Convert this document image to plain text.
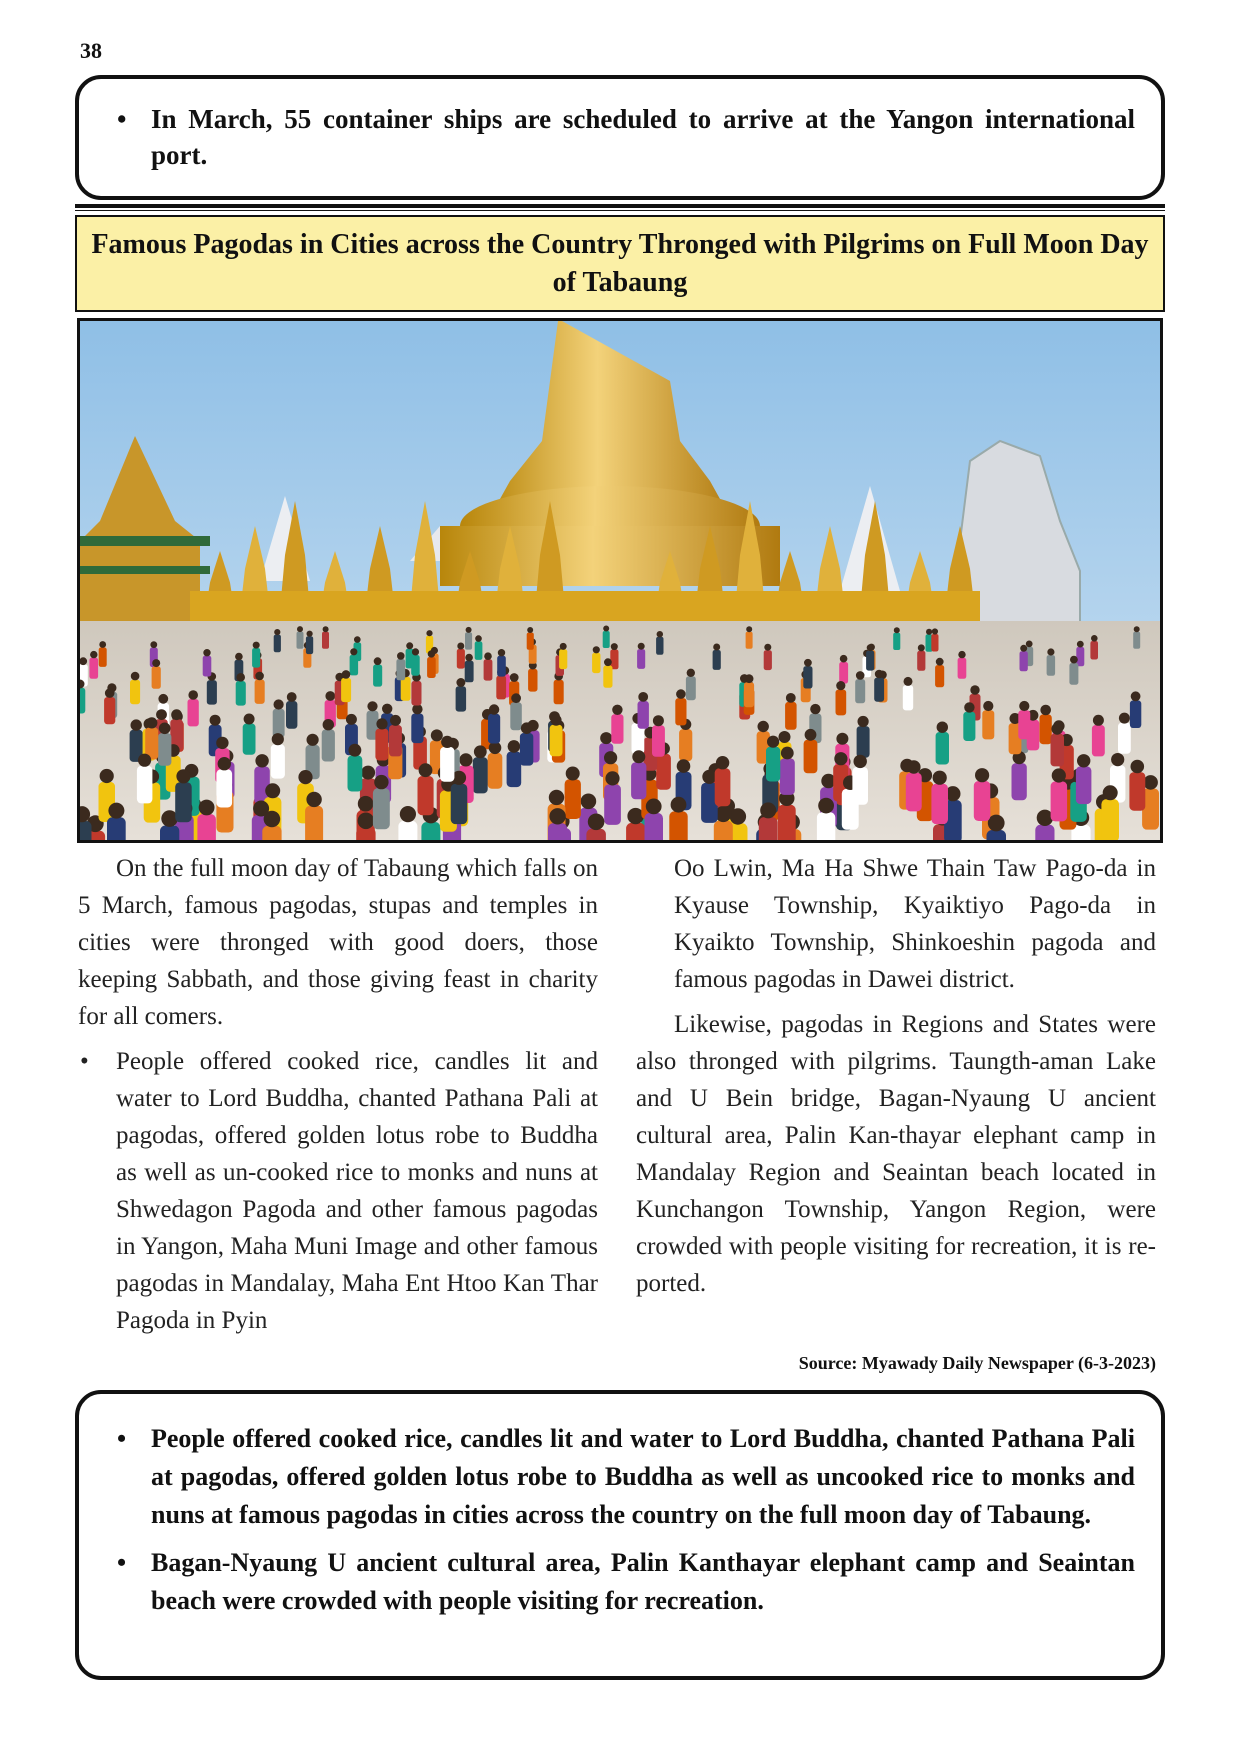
38
• In March, 55 container ships are scheduled to arrive at the Yangon international port.
Famous Pagodas in Cities across the Country Thronged with Pilgrims on Full Moon Day of Tabaung

On the full moon day of Tabaung which falls on 5 March, famous pagodas, stupas and temples in cities were thronged with good doers, those keeping Sabbath, and those giving feast in charity for all comers.

• People offered cooked rice, candles lit and water to Lord Buddha, chanted Pathana Pali at pagodas, offered golden lotus robe to Buddha as well as un-cooked rice to monks and nuns at Shwedagon Pagoda and other famous pagodas in Yangon, Maha Muni Image and other famous pagodas in Mandalay, Maha Ent Htoo Kan Thar Pagoda in Pyin

Oo Lwin, Ma Ha Shwe Thain Taw Pago-da in Kyause Township, Kyaiktiyo Pago-da in Kyaikto Township, Shinkoeshin pagoda and famous pagodas in Dawei district.

Likewise, pagodas in Regions and States were also thronged with pilgrims. Taungth-aman Lake and U Bein bridge, Bagan-Nyaung U ancient cultural area, Palin Kan-thayar elephant camp in Mandalay Region and Seaintan beach located in Kunchangon Township, Yangon Region, were crowded with people visiting for recreation, it is re-ported.

Source: Myawady Daily Newspaper (6-3-2023)
• People offered cooked rice, candles lit and water to Lord Buddha, chanted Pathana Pali at pagodas, offered golden lotus robe to Buddha as well as uncooked rice to monks and nuns at famous pagodas in cities across the country on the full moon day of Tabaung.
• Bagan-Nyaung U ancient cultural area, Palin Kanthayar elephant camp and Seaintan beach were crowded with people visiting for recreation.
